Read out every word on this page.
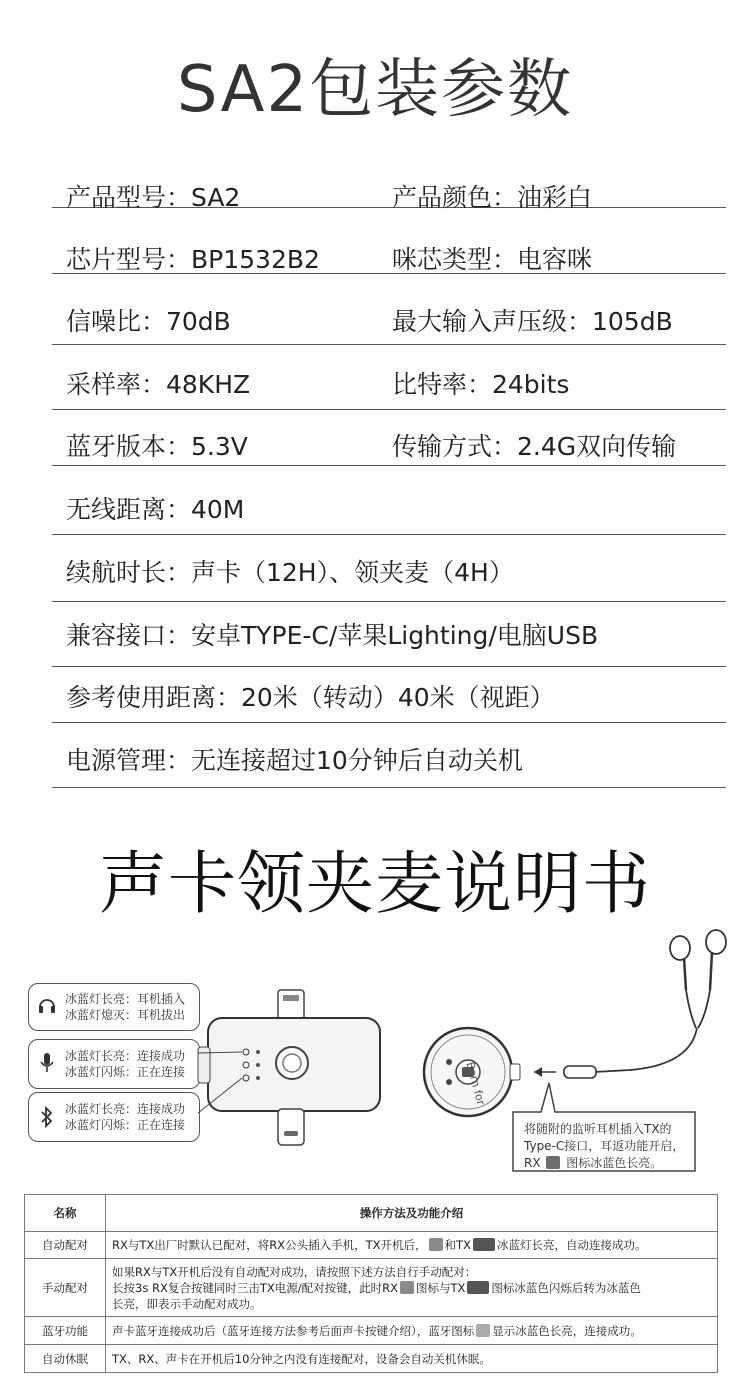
SA2包装参数
产品型号：SA2	产品颜色：油彩白
芯片型号：BP1532B2	咪芯类型：电容咪
信噪比：70dB	最大输入声压级：105dB
采样率：48KHZ	比特率：24bits
蓝牙版本：5.3V	传输方式：2.4G双向传输
无线距离：40M
续航时长：声卡（12H）、领夹麦（4H）
兼容接口：安卓TYPE-C/苹果Lighting/电脑USB
参考使用距离：20米（转动）40米（视距）
电源管理：无连接超过10分钟后自动关机
声卡领夹麦说明书
冰蓝灯长亮：耳机插入
冰蓝灯熄灭：耳机拔出
冰蓝灯长亮：连接成功
冰蓝灯闪烁：正在连接
冰蓝灯长亮：连接成功
冰蓝灯闪烁：正在连接
Born for
将随附的监听耳机插入TX的
Type-C接口，耳返功能开启，
RX 图标冰蓝色长亮。
名称	操作方法及功能介绍
自动配对	RX与TX出厂时默认已配对，将RX公头插入手机，TX开机后， 和TX 冰蓝灯长亮，自动连接成功。
手动配对	如果RX与TX开机后没有自动配对成功，请按照下述方法自行手动配对：
长按3s RX复合按键同时三击TX电源/配对按键，此时RX 图标与TX 图标冰蓝色闪烁后转为冰蓝色
长亮，即表示手动配对成功。

蓝牙功能	声卡蓝牙连接成功后（蓝牙连接方法参考后面声卡按键介绍），蓝牙图标 显示冰蓝色长亮，连接成功。
自动休眠	TX、RX、声卡在开机后10分钟之内没有连接配对，设备会自动关机休眠。
